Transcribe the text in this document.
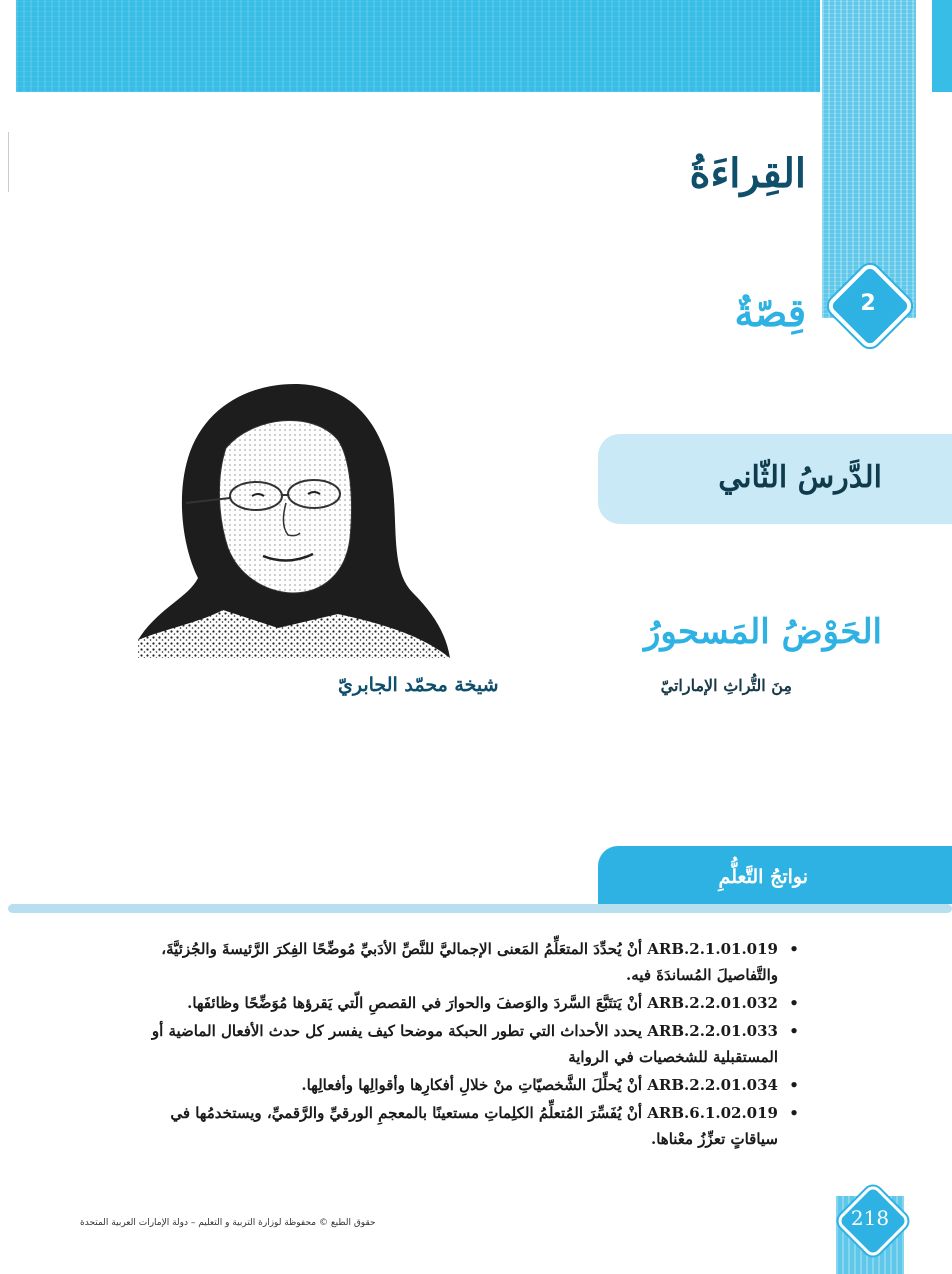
القِراءَةُ
2
قِصّةٌ
الدَّرسُ الثّاني
الحَوْضُ المَسحورُ
مِنَ التُّراثِ الإماراتيّ
شيخة محمّد الجابريّ
نواتجُ التَّعلُّمِ
•
ARB.2.1.01.019 أنْ يُحدِّدَ المتعَلِّمُ المَعنى الإجماليَّ للنَّصِّ الأدَبيِّ مُوضِّحًا الفِكرَ الرَّئيسةَ والجُزئيَّةَ، والتَّفاصيلَ المُساندَةَ فيه.
•
ARB.2.2.01.032 أنْ يَتتَبَّعَ السَّردَ والوَصفَ والحوارَ في القصصِ الّتي يَقرؤها مُوَضِّحًا وظائفَها.
•
ARB.2.2.01.033 يحدد الأحداث التي تطور الحبكة موضحا كيف يفسر كل حدث الأفعال الماضية أو المستقبلية للشخصيات في الرواية
•
ARB.2.2.01.034 أنْ يُحلِّلَ الشَّخصيّاتِ منْ خلالِ أفكارِها وأقوالِها وأفعالِها.
•
ARB.6.1.02.019 أنْ يُفَسِّرَ المُتعلِّمُ الكلِماتِ مستعينًا بالمعجمِ الورقيِّ والرَّقميِّ، ويستخدمُها في سياقاتٍ تعزِّزُ معْناها.
حقوق الطبع © محفوظة لوزارة التربية و التعليم – دولة الإمارات العربية المتحدة	218
